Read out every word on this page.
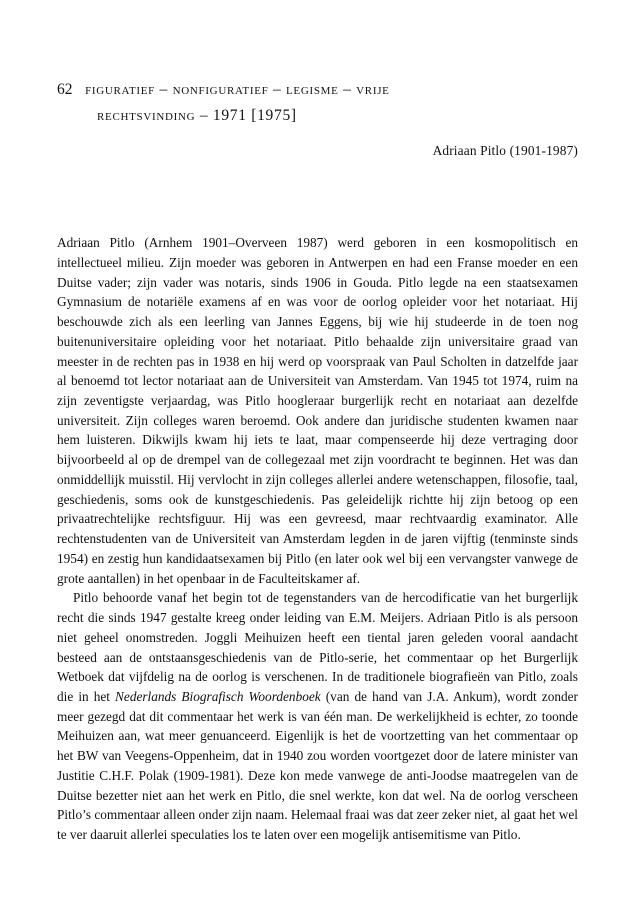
62 figuratief – nonfiguratief – legisme – vrije
rechtsvinding – 1971 [1975]
Adriaan Pitlo (1901-1987)

Adriaan Pitlo (Arnhem 1901–Overveen 1987) werd geboren in een kosmopolitisch en intellectueel milieu. Zijn moeder was geboren in Antwerpen en had een Franse moeder en een Duitse vader; zijn vader was notaris, sinds 1906 in Gouda. Pitlo legde na een staatsexamen Gymnasium de notariële examens af en was voor de oorlog opleider voor het notariaat. Hij beschouwde zich als een leerling van Jannes Eggens, bij wie hij studeerde in de toen nog buitenuniversitaire opleiding voor het notariaat. Pitlo behaalde zijn universitaire graad van meester in de rechten pas in 1938 en hij werd op voorspraak van Paul Scholten in datzelfde jaar al benoemd tot lector notariaat aan de Universiteit van Amsterdam. Van 1945 tot 1974, ruim na zijn zeventigste verjaardag, was Pitlo hoogleraar burgerlijk recht en notariaat aan dezelfde universiteit. Zijn colleges waren beroemd. Ook andere dan juridische studenten kwamen naar hem luisteren. Dikwijls kwam hij iets te laat, maar compenseerde hij deze vertraging door bijvoorbeeld al op de drempel van de collegezaal met zijn voordracht te beginnen. Het was dan onmiddellijk muisstil. Hij vervlocht in zijn colleges allerlei andere wetenschappen, filosofie, taal, geschiedenis, soms ook de kunstgeschiedenis. Pas geleidelijk richtte hij zijn betoog op een privaatrechtelijke rechtsfiguur. Hij was een gevreesd, maar rechtvaardig examinator. Alle rechtenstudenten van de Universiteit van Amsterdam legden in de jaren vijftig (tenminste sinds 1954) en zestig hun kandidaatsexamen bij Pitlo (en later ook wel bij een vervangster vanwege de grote aantallen) in het openbaar in de Faculteitskamer af.

Pitlo behoorde vanaf het begin tot de tegenstanders van de hercodificatie van het burgerlijk recht die sinds 1947 gestalte kreeg onder leiding van E.M. Meijers. Adriaan Pitlo is als persoon niet geheel onomstreden. Joggli Meihuizen heeft een tiental jaren geleden vooral aandacht besteed aan de ontstaansgeschiedenis van de Pitlo-serie, het commentaar op het Burgerlijk Wetboek dat vijfdelig na de oorlog is verschenen. In de traditionele biografieën van Pitlo, zoals die in het Nederlands Biografisch Woordenboek (van de hand van J.A. Ankum), wordt zonder meer gezegd dat dit commentaar het werk is van één man. De werkelijkheid is echter, zo toonde Meihuizen aan, wat meer genuanceerd. Eigenlijk is het de voortzetting van het commentaar op het BW van Veegens-Oppenheim, dat in 1940 zou worden voortgezet door de latere minister van Justitie C.H.F. Polak (1909-1981). Deze kon mede vanwege de anti-Joodse maatregelen van de Duitse bezetter niet aan het werk en Pitlo, die snel werkte, kon dat wel. Na de oorlog verscheen Pitlo’s commentaar alleen onder zijn naam. Helemaal fraai was dat zeer zeker niet, al gaat het wel te ver daaruit allerlei speculaties los te laten over een mogelijk antisemitisme van Pitlo.
